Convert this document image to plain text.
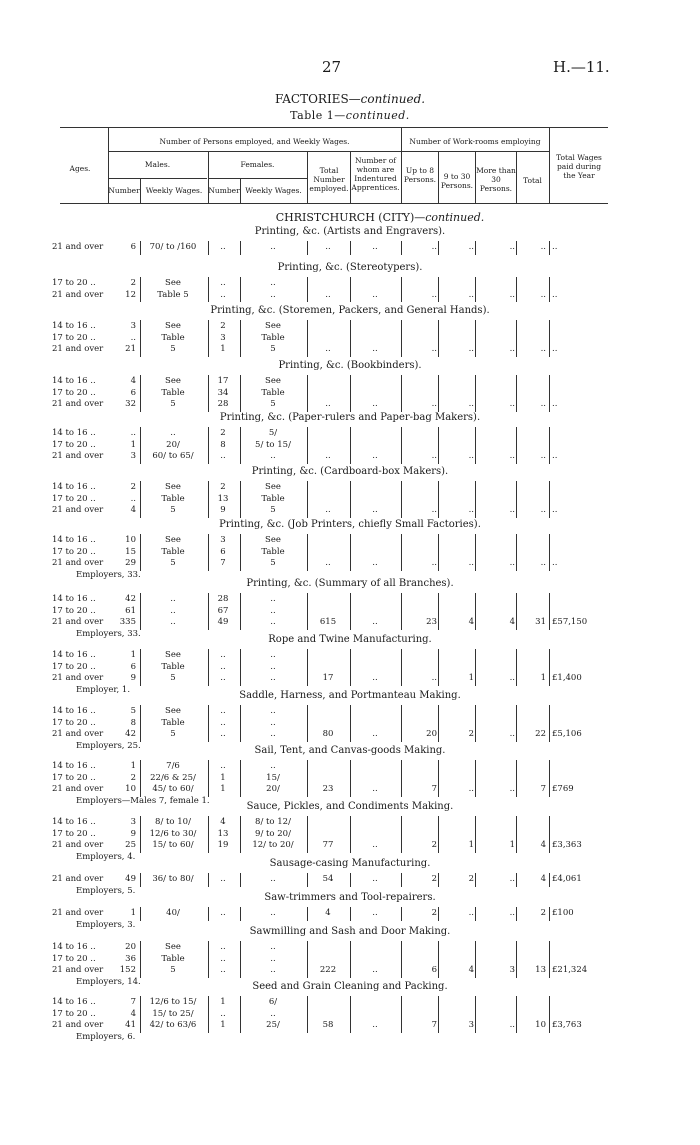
27	H.—11.
FACTORIES—continued.
Table 1—continued.
Number of Persons employed, and Weekly Wages.	Number of Work-rooms employing
Ages.	Males.	Females.
Number Weekly Wages. Number Weekly Wages.
Total Number employed.
Number of whom are Indentured Apprentices.
Up to 8 Persons.	9 to 30 Persons.
More than 30 Persons.
Total
Total Wages paid during the Year
CHRISTCHURCH (CITY)—continued.
Printing, &c. (Artists and Engravers).
21 and over	6	70/ to /160	..	..	..	..	..	..	..	.. ..
Printing, &c. (Stereotypers).
17 to 20 ..	2	See	..	..
21 and over	12	Table 5	..	..	..	..	..	..	..	.. ..
Printing, &c. (Storemen, Packers, and General Hands).
14 to 16 ..	3	See	2	See
17 to 20 ..	..	Table	3	Table
21 and over	21	5	1	5	..	..	..	..	..	.. ..
Printing, &c. (Bookbinders).
14 to 16 ..	4	See	17	See
17 to 20 ..	6	Table	34	Table
21 and over	32	5	28	5	..	..	..	..	..	.. ..
Printing, &c. (Paper-rulers and Paper-bag Makers).
14 to 16 ..	..	..	2	5/
17 to 20 ..	1	20/	8	5/ to 15/
21 and over	3	60/ to 65/	..	..	..	..	..	..	..	.. ..
Printing, &c. (Cardboard-box Makers).
14 to 16 ..	2	See	2	See
17 to 20 ..	..	Table	13	Table
21 and over	4	5	9	5	..	..	..	..	..	.. ..
Printing, &c. (Job Printers, chiefly Small Factories).
14 to 16 ..	10	See	3	See
17 to 20 ..	15	Table	6	Table
21 and over	29	5	7	5	..	..	..	..	..	.. ..
Employers, 33.
Printing, &c. (Summary of all Branches).
14 to 16 ..	42	..	28	..
17 to 20 ..	61	..	67	..
21 and over	335	..	49	..	615	..	23	4	4	31 £57,150
Employers, 33.	Rope and Twine Manufacturing.
14 to 16 ..	1	See	..	..
17 to 20 ..	6	Table	..	..
21 and over	9	5	..	..	17	..	..	1	..	1 £1,400
Employer, 1.	Saddle, Harness, and Portmanteau Making.
14 to 16 ..	5	See	..	..
17 to 20 ..	8	Table	..	..
21 and over	42	5	..	..	80	..	20	2	..	22 £5,106
Employers, 25.	Sail, Tent, and Canvas-goods Making.
14 to 16 ..	1	7/6	..	..
17 to 20 ..	2	22/6 & 25/	1	15/
21 and over	10	45/ to 60/	1	20/	23	..	7	..	..	7 £769
Employers—Males 7, female 1.	Sauce, Pickles, and Condiments Making.
14 to 16 ..	3	8/ to 10/	4	8/ to 12/
17 to 20 ..	9	12/6 to 30/	13	9/ to 20/
21 and over	25	15/ to 60/	19	12/ to 20/	77	..	2	1	1	4 £3,363
Employers, 4.
Sausage-casing Manufacturing.
21 and over	49	36/ to 80/	..	..	54	..	2	2	..	4 £4,061
Employers, 5.
Saw-trimmers and Tool-repairers.
21 and over	1	40/	..	..	4	..	2	..	..	2 £100
Employers, 3.
Sawmilling and Sash and Door Making.
14 to 16 ..	20	See	..	..
17 to 20 ..	36	Table	..	..
21 and over	152	5	..	..	222	..	6	4	3	13 £21,324
Employers, 14.	Seed and Grain Cleaning and Packing.
14 to 16 ..	7	12/6 to 15/	1	6/
17 to 20 ..	4	15/ to 25/	..	..
21 and over	41	42/ to 63/6	1	25/	58	..	7	3	..	10 £3,763
Employers, 6.
